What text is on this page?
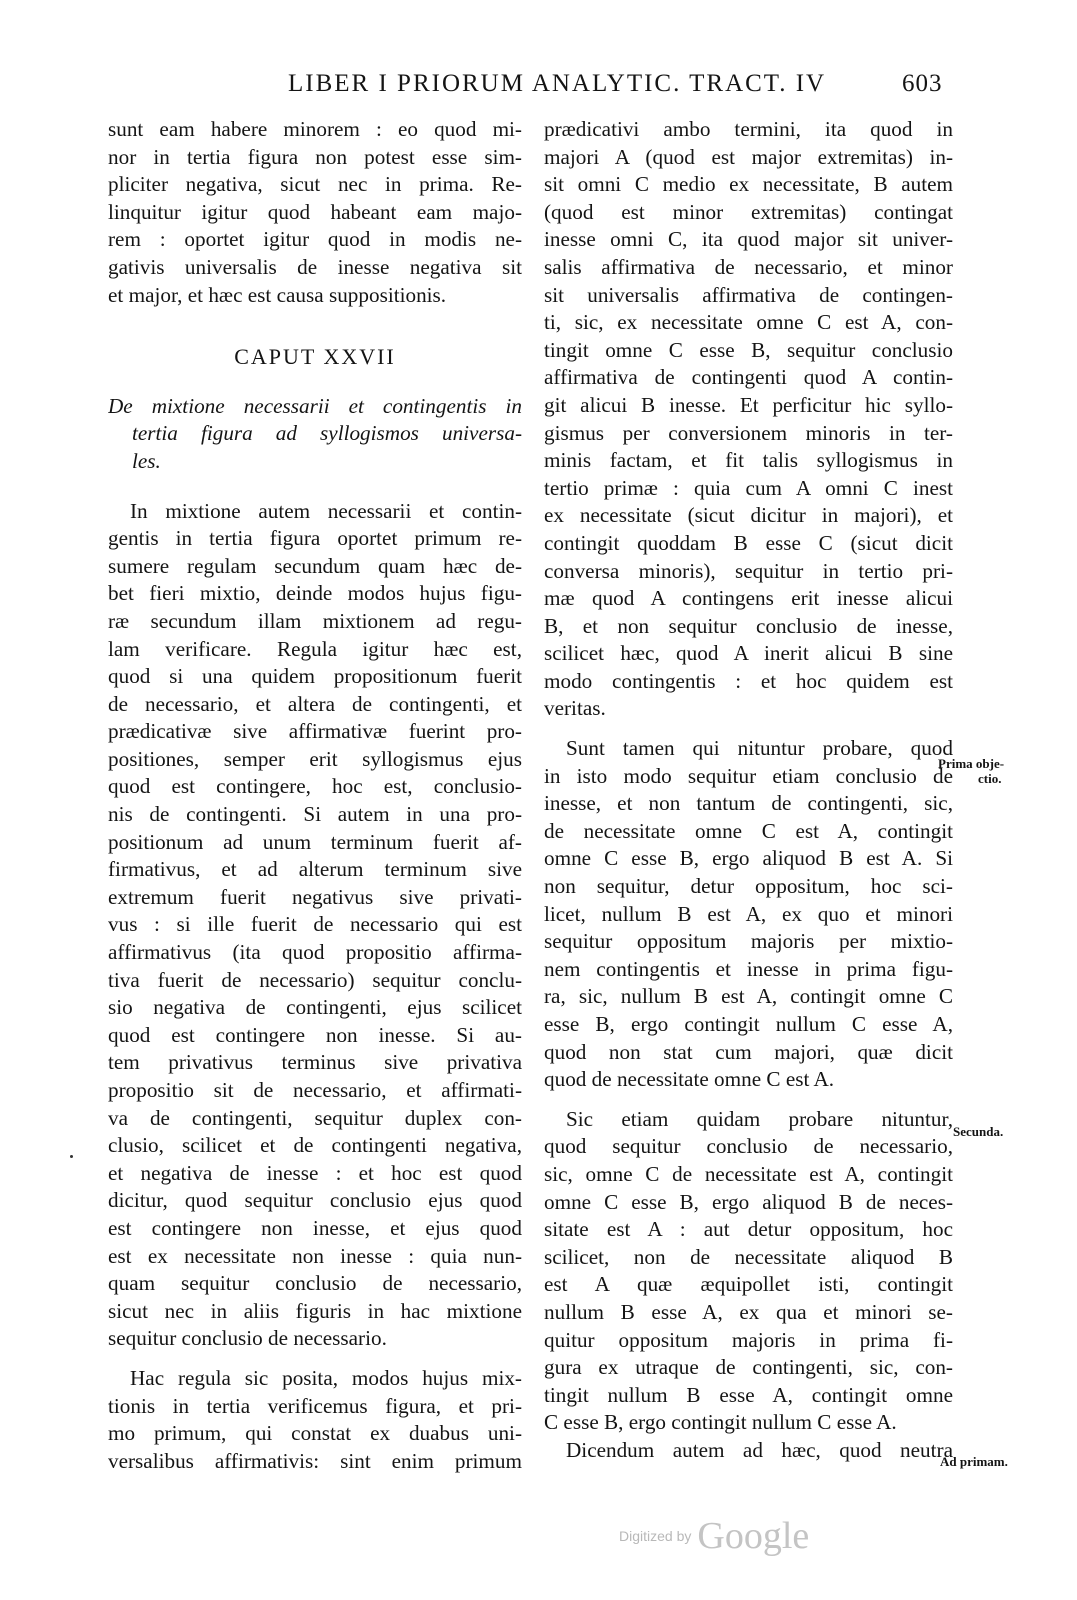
LIBER I PRIORUM ANALYTIC. TRACT. IV	603
sunt eam habere minorem : eo quod mi-
nor in tertia figura non potest esse sim-
pliciter negativa, sicut nec in prima. Re-
linquitur igitur quod habeant eam majo-
rem : oportet igitur quod in modis ne-
gativis universalis de inesse negativa sit
et major, et hæc est causa suppositionis.
CAPUT XXVII
De mixtione necessarii et contingentis in
tertia figura ad syllogismos universa-
les.
In mixtione autem necessarii et contin-
gentis in tertia figura oportet primum re-
sumere regulam secundum quam hæc de-
bet fieri mixtio, deinde modos hujus figu-
ræ secundum illam mixtionem ad regu-
lam verificare. Regula igitur hæc est,
quod si una quidem propositionum fuerit
de necessario, et altera de contingenti, et
prædicativæ sive affirmativæ fuerint pro-
positiones, semper erit syllogismus ejus
quod est contingere, hoc est, conclusio-
nis de contingenti. Si autem in una pro-
positionum ad unum terminum fuerit af-
firmativus, et ad alterum terminum sive
extremum fuerit negativus sive privati-
vus : si ille fuerit de necessario qui est
affirmativus (ita quod propositio affirma-
tiva fuerit de necessario) sequitur conclu-
sio negativa de contingenti, ejus scilicet
quod est contingere non inesse. Si au-
tem privativus terminus sive privativa
propositio sit de necessario, et affirmati-
va de contingenti, sequitur duplex con-
clusio, scilicet et de contingenti negativa,
et negativa de inesse : et hoc est quod
dicitur, quod sequitur conclusio ejus quod
est contingere non inesse, et ejus quod
est ex necessitate non inesse : quia nun-
quam sequitur conclusio de necessario,
sicut nec in aliis figuris in hac mixtione
sequitur conclusio de necessario.
Hac regula sic posita, modos hujus mix-
tionis in tertia verificemus figura, et pri-
mo primum, qui constat ex duabus uni-
versalibus affirmativis: sint enim primum
prædicativi ambo termini, ita quod in
majori A (quod est major extremitas) in-
sit omni C medio ex necessitate, B autem
(quod est minor extremitas) contingat
inesse omni C, ita quod major sit univer-
salis affirmativa de necessario, et minor
sit universalis affirmativa de contingen-
ti, sic, ex necessitate omne C est A, con-
tingit omne C esse B, sequitur conclusio
affirmativa de contingenti quod A contin-
git alicui B inesse. Et perficitur hic syllo-
gismus per conversionem minoris in ter-
minis factam, et fit talis syllogismus in
tertio primæ : quia cum A omni C inest
ex necessitate (sicut dicitur in majori), et
contingit quoddam B esse C (sicut dicit
conversa minoris), sequitur in tertio pri-
mæ quod A contingens erit inesse alicui
B, et non sequitur conclusio de inesse,
scilicet hæc, quod A inerit alicui B sine
modo contingentis : et hoc quidem est
veritas.
Sunt tamen qui nituntur probare, quod
in isto modo sequitur etiam conclusio de
inesse, et non tantum de contingenti, sic,
de necessitate omne C est A, contingit
omne C esse B, ergo aliquod B est A. Si
non sequitur, detur oppositum, hoc sci-
licet, nullum B est A, ex quo et minori
sequitur oppositum majoris per mixtio-
nem contingentis et inesse in prima figu-
ra, sic, nullum B est A, contingit omne C
esse B, ergo contingit nullum C esse A,
quod non stat cum majori, quæ dicit
quod de necessitate omne C est A.
Sic etiam quidam probare nituntur,
quod sequitur conclusio de necessario,
sic, omne C de necessitate est A, contingit
omne C esse B, ergo aliquod B de neces-
sitate est A : aut detur oppositum, hoc
scilicet, non de necessitate aliquod B
est A quæ æquipollet isti, contingit
nullum B esse A, ex qua et minori se-
quitur oppositum majoris in prima fi-
gura ex utraque de contingenti, sic, con-
tingit nullum B esse A, contingit omne
C esse B, ergo contingit nullum C esse A.
Dicendum autem ad hæc, quod neutra
Prima obje-
ctio.
Secunda.
Ad primam.
Digitized by Google
